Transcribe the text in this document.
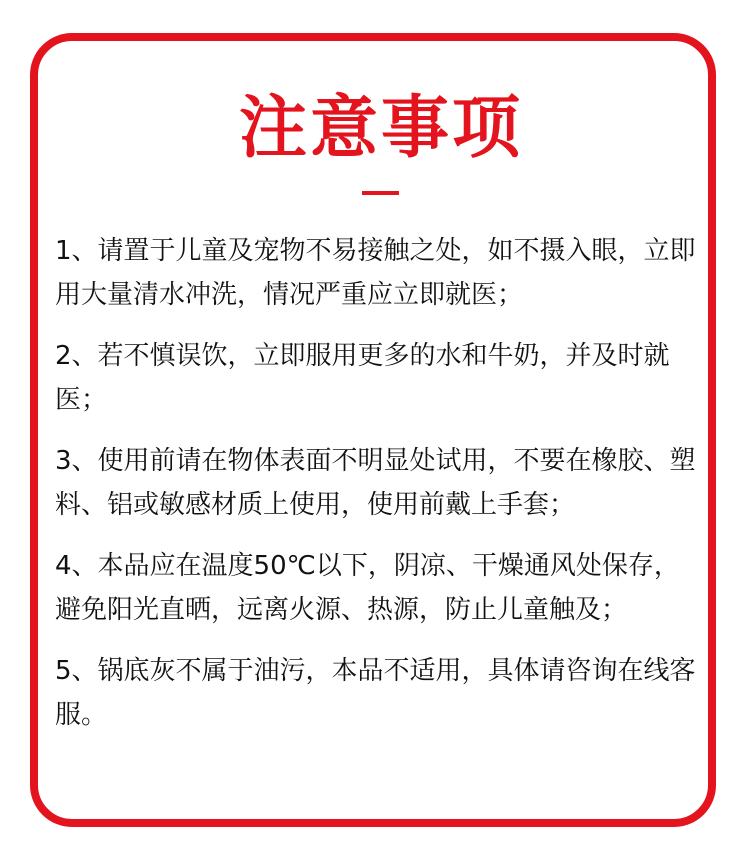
注意事项
1、请置于儿童及宠物不易接触之处，如不摄入眼，立即用大量清水冲洗，情况严重应立即就医；
2、若不慎误饮，立即服用更多的水和牛奶，并及时就医；
3、使用前请在物体表面不明显处试用，不要在橡胶、塑料、铝或敏感材质上使用，使用前戴上手套；
4、本品应在温度50℃以下，阴凉、干燥通风处保存，避免阳光直晒，远离火源、热源，防止儿童触及；
5、锅底灰不属于油污，本品不适用，具体请咨询在线客服。
